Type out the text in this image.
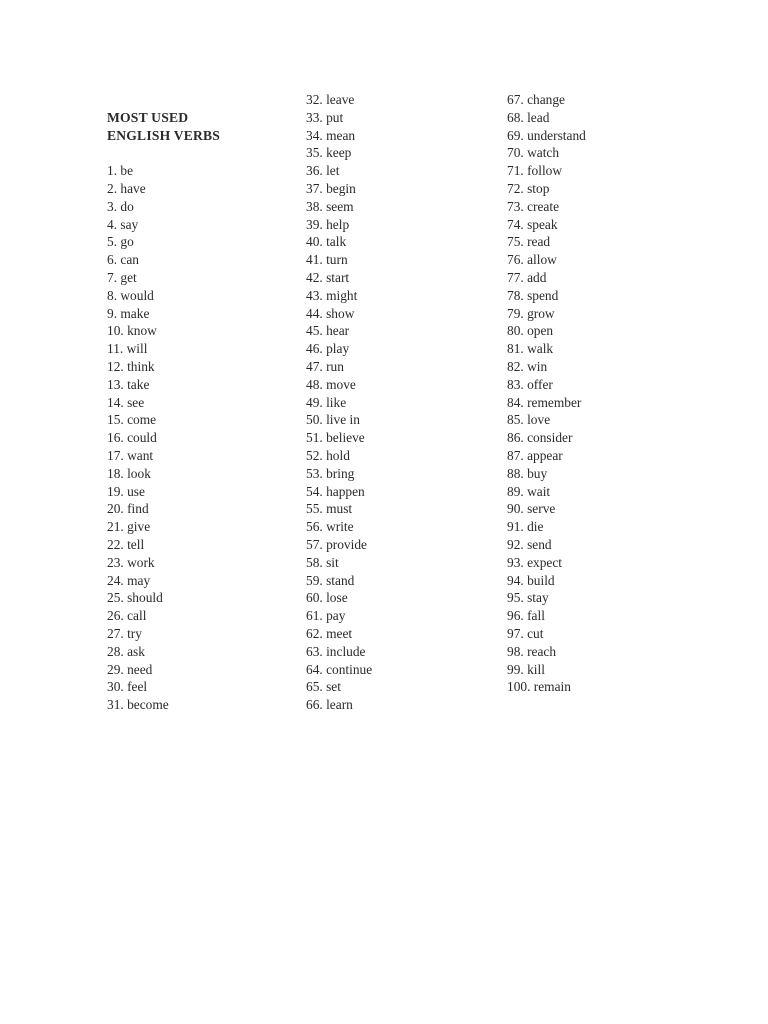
MOST USED
ENGLISH VERBS
1. be
2. have
3. do
4. say
5. go
6. can
7. get
8. would
9. make
10. know
11. will
12. think
13. take
14. see
15. come
16. could
17. want
18. look
19. use
20. find
21. give
22. tell
23. work
24. may
25. should
26. call
27. try
28. ask
29. need
30. feel
31. become
32. leave
33. put
34. mean
35. keep
36. let
37. begin
38. seem
39. help
40. talk
41. turn
42. start
43. might
44. show
45. hear
46. play
47. run
48. move
49. like
50. live in
51. believe
52. hold
53. bring
54. happen
55. must
56. write
57. provide
58. sit
59. stand
60. lose
61. pay
62. meet
63. include
64. continue
65. set
66. learn
67. change
68. lead
69. understand
70. watch
71. follow
72. stop
73. create
74. speak
75. read
76. allow
77. add
78. spend
79. grow
80. open
81. walk
82. win
83. offer
84. remember
85. love
86. consider
87. appear
88. buy
89. wait
90. serve
91. die
92. send
93. expect
94. build
95. stay
96. fall
97. cut
98. reach
99. kill
100. remain
